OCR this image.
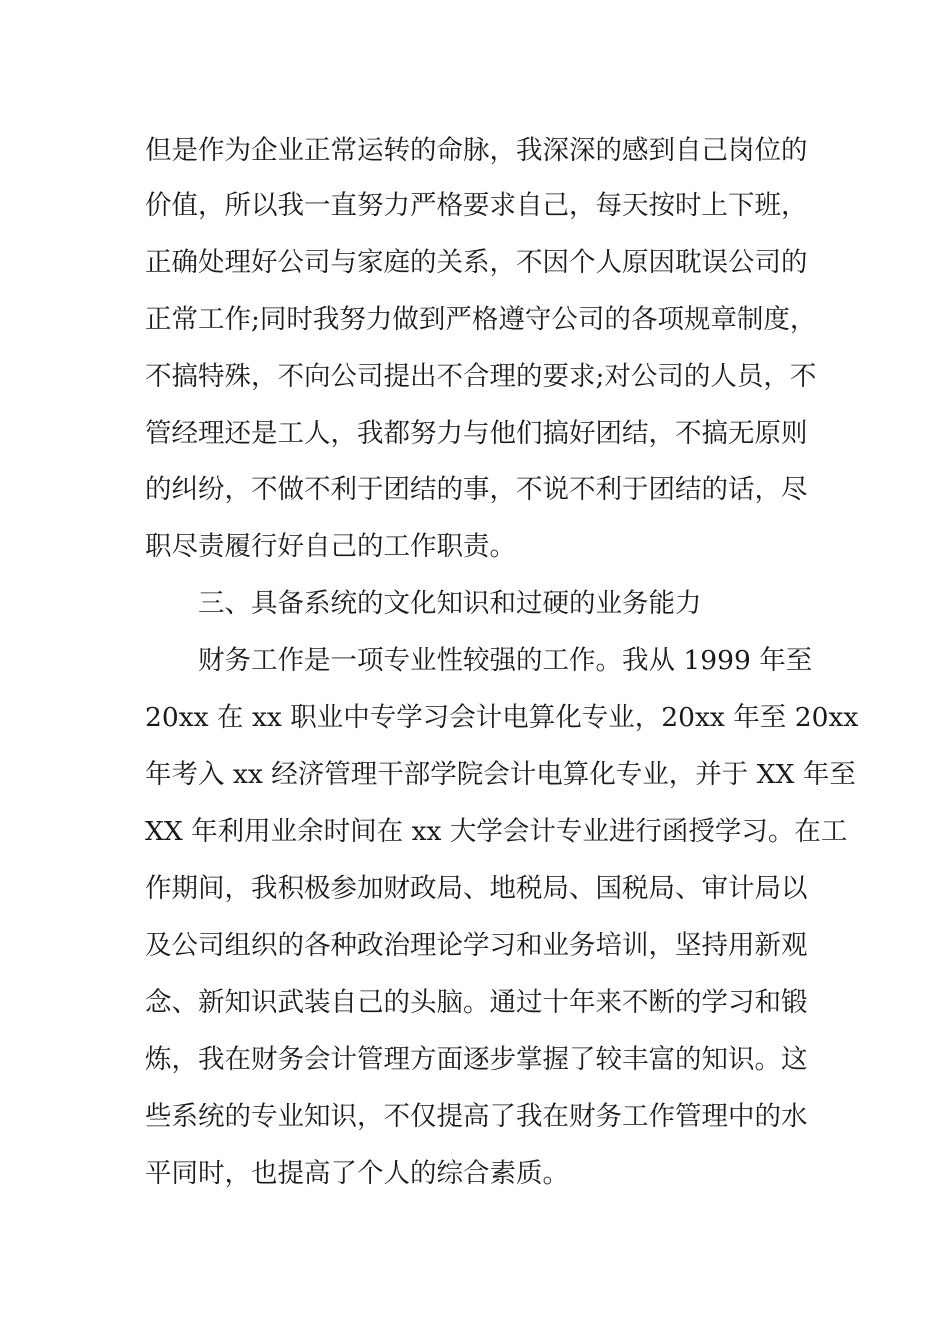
但是作为企业正常运转的命脉，我深深的感到自己岗位的
价值，所以我一直努力严格要求自己，每天按时上下班，
正确处理好公司与家庭的关系，不因个人原因耽误公司的
正常工作;同时我努力做到严格遵守公司的各项规章制度，
不搞特殊，不向公司提出不合理的要求;对公司的人员，不
管经理还是工人，我都努力与他们搞好团结，不搞无原则
的纠纷，不做不利于团结的事，不说不利于团结的话，尽
职尽责履行好自己的工作职责。
三、具备系统的文化知识和过硬的业务能力
财务工作是一项专业性较强的工作。我从 1999 年至
20xx 在 xx 职业中专学习会计电算化专业，20xx 年至 20xx
年考入 xx 经济管理干部学院会计电算化专业，并于 XX 年至
XX 年利用业余时间在 xx 大学会计专业进行函授学习。在工
作期间，我积极参加财政局、地税局、国税局、审计局以
及公司组织的各种政治理论学习和业务培训，坚持用新观
念、新知识武装自己的头脑。通过十年来不断的学习和锻
炼，我在财务会计管理方面逐步掌握了较丰富的知识。这
些系统的专业知识，不仅提高了我在财务工作管理中的水
平同时，也提高了个人的综合素质。
